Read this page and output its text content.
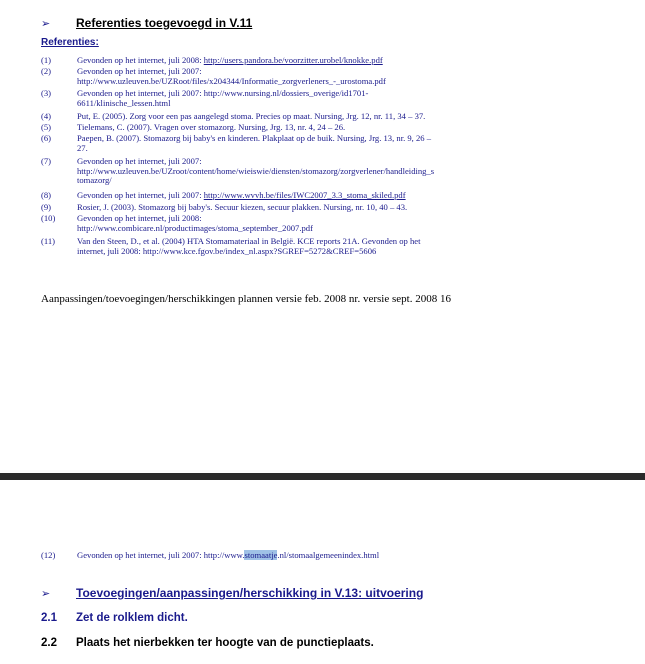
➢ Referenties toegevoegd in V.11
Referenties:
(1)	Gevonden op het internet, juli 2008: http://users.pandora.be/voorzitter.urobel/knokke.pdf
(2)	Gevonden op het internet, juli 2007:
http://www.uzleuven.be/UZRoot/files/x204344/Informatie_zorgverleners_-_urostoma.pdf
(3)	Gevonden op het internet, juli 2007: http://www.nursing.nl/dossiers_overige/id1701-
6611/klinische_lessen.html
(4)	Put, E. (2005). Zorg voor een pas aangelegd stoma. Precies op maat. Nursing, Jrg. 12, nr. 11, 34 – 37.
(5)	Tielemans, C. (2007). Vragen over stomazorg. Nursing, Jrg. 13, nr. 4, 24 – 26.
(6)	Paepen, B. (2007). Stomazorg bij baby's en kinderen. Plakplaat op de buik. Nursing, Jrg. 13, nr. 9, 26 –
27.
(7)	Gevonden op het internet, juli 2007:
http://www.uzleuven.be/UZroot/content/home/wieiswie/diensten/stomazorg/zorgverlener/handleiding_s
tomazorg/
(8)	Gevonden op het internet, juli 2007: http://www.wvvh.be/files/IWC2007_3.3_stoma_skiled.pdf
(9)	Rosier, J. (2003). Stomazorg bij baby's. Secuur kiezen, secuur plakken. Nursing, nr. 10, 40 – 43.
(10)	Gevonden op het internet, juli 2008:
http://www.combicare.nl/productimages/stoma_september_2007.pdf
(11)	Van den Steen, D., et al. (2004) HTA Stomamateriaal in België. KCE reports 21A. Gevonden op het
internet, juli 2008: http://www.kce.fgov.be/index_nl.aspx?SGREF=5272&CREF=5606
Aanpassingen/toevoegingen/herschikkingen plannen versie feb. 2008 nr. versie sept. 2008 16
(12)	Gevonden op het internet, juli 2007: http://www.stomaatje.nl/stomaalgemeenindex.html
➢ Toevoegingen/aanpassingen/herschikking in V.13: uitvoering
2.1 Zet de rolklem dicht.
2.2 Plaats het nierbekken ter hoogte van de punctieplaats.
